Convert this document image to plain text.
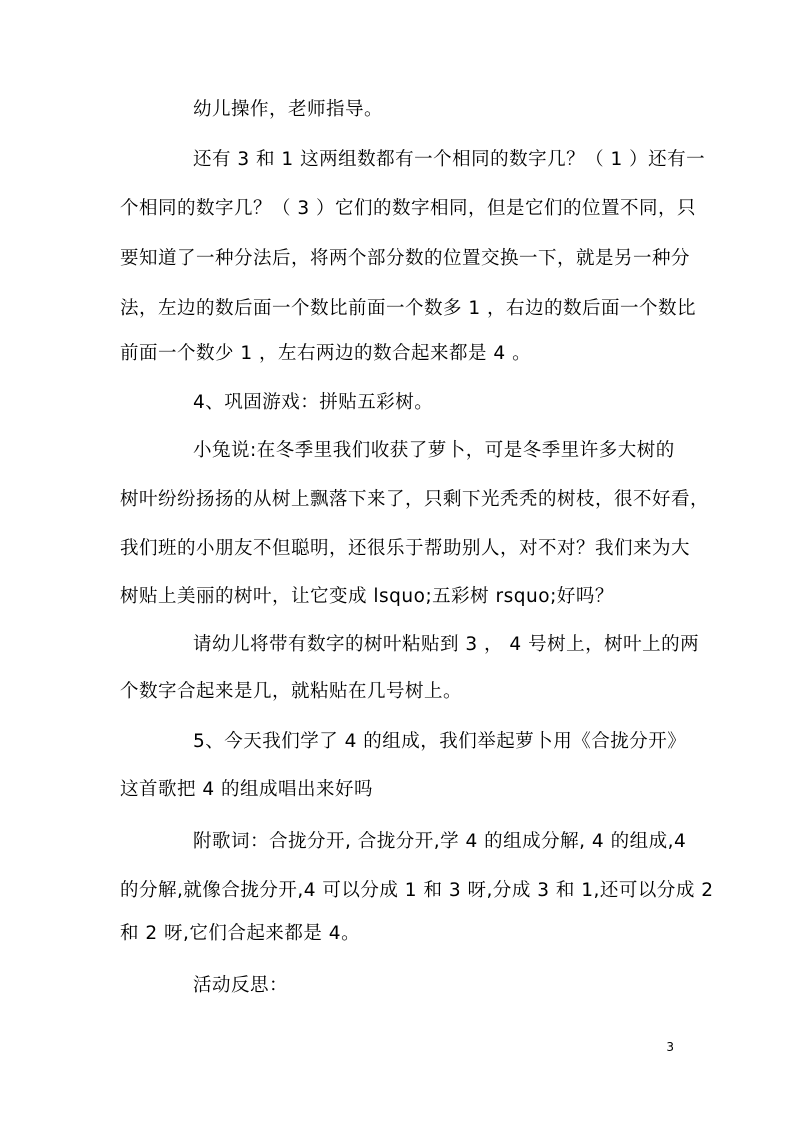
幼儿操作，老师指导。
还有 3 和 1 这两组数都有一个相同的数字几？（ 1 ）还有一
个相同的数字几？（ 3 ）它们的数字相同，但是它们的位置不同，只
要知道了一种分法后，将两个部分数的位置交换一下，就是另一种分
法，左边的数后面一个数比前面一个数多 1 ，右边的数后面一个数比
前面一个数少 1 ，左右两边的数合起来都是 4 。
4、巩固游戏：拼贴五彩树。
小兔说:在冬季里我们收获了萝卜，可是冬季里许多大树的
树叶纷纷扬扬的从树上飘落下来了，只剩下光秃秃的树枝，很不好看，
我们班的小朋友不但聪明，还很乐于帮助别人，对不对？我们来为大
树贴上美丽的树叶，让它变成 lsquo;五彩树 rsquo;好吗？
请幼儿将带有数字的树叶粘贴到 3 ， 4 号树上，树叶上的两
个数字合起来是几，就粘贴在几号树上。
5、今天我们学了 4 的组成，我们举起萝卜用《合拢分开》
这首歌把 4 的组成唱出来好吗
附歌词：合拢分开, 合拢分开,学 4 的组成分解, 4 的组成,4
的分解,就像合拢分开,4 可以分成 1 和 3 呀,分成 3 和 1,还可以分成 2
和 2 呀,它们合起来都是 4。
活动反思：
3
